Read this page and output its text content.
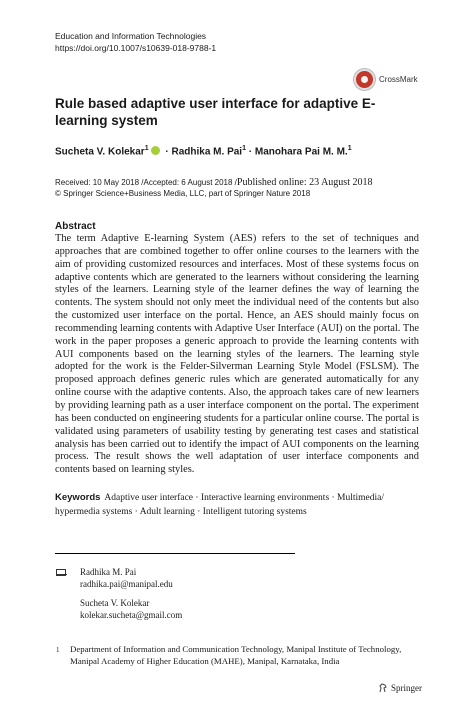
Education and Information Technologies
https://doi.org/10.1007/s10639-018-9788-1
CrossMark
Rule based adaptive user interface for adaptive E-learning system
Sucheta V. Kolekar$^1$ · Radhika M. Pai$^1$ · Manohara Pai M. M.$^1$
Received: 10 May 2018 /Accepted: 6 August 2018 /Published online: 23 August 2018
© Springer Science+Business Media, LLC, part of Springer Nature 2018
Abstract
The term Adaptive E-learning System (AES) refers to the set of techniques and approaches that are combined together to offer online courses to the learners with the aim of providing customized resources and interfaces. Most of these systems focus on adaptive contents which are generated to the learners without considering the learning styles of the learners. Learning style of the learner defines the way of learning the contents. The system should not only meet the individual need of the contents but also the customized user interface on the portal. Hence, an AES should mainly focus on recommending learning contents with Adaptive User Interface (AUI) on the portal. The work in the paper proposes a generic approach to provide the learning contents with AUI components based on the learning styles of the learners. The learning style adopted for the work is the Felder-Silverman Learning Style Model (FSLSM). The proposed approach defines generic rules which are generated automatically for any online course with the adaptive contents. Also, the approach takes care of new learners by providing learning path as a user interface component on the portal. The experiment has been conducted on engineering students for a particular online course. The portal is validated using parameters of usability testing by generating test cases and statistical analysis has been carried out to identify the impact of AUI components on the learning process. The result shows the well adaptation of user interface components and contents based on learning styles.
Keywords Adaptive user interface · Interactive learning environments · Multimedia/ hypermedia systems · Adult learning · Intelligent tutoring systems
Radhika M. Pai
radhika.pai@manipal.edu
Sucheta V. Kolekar
kolekar.sucheta@gmail.com
1 Department of Information and Communication Technology, Manipal Institute of Technology, Manipal Academy of Higher Education (MAHE), Manipal, Karnataka, India
Springer
